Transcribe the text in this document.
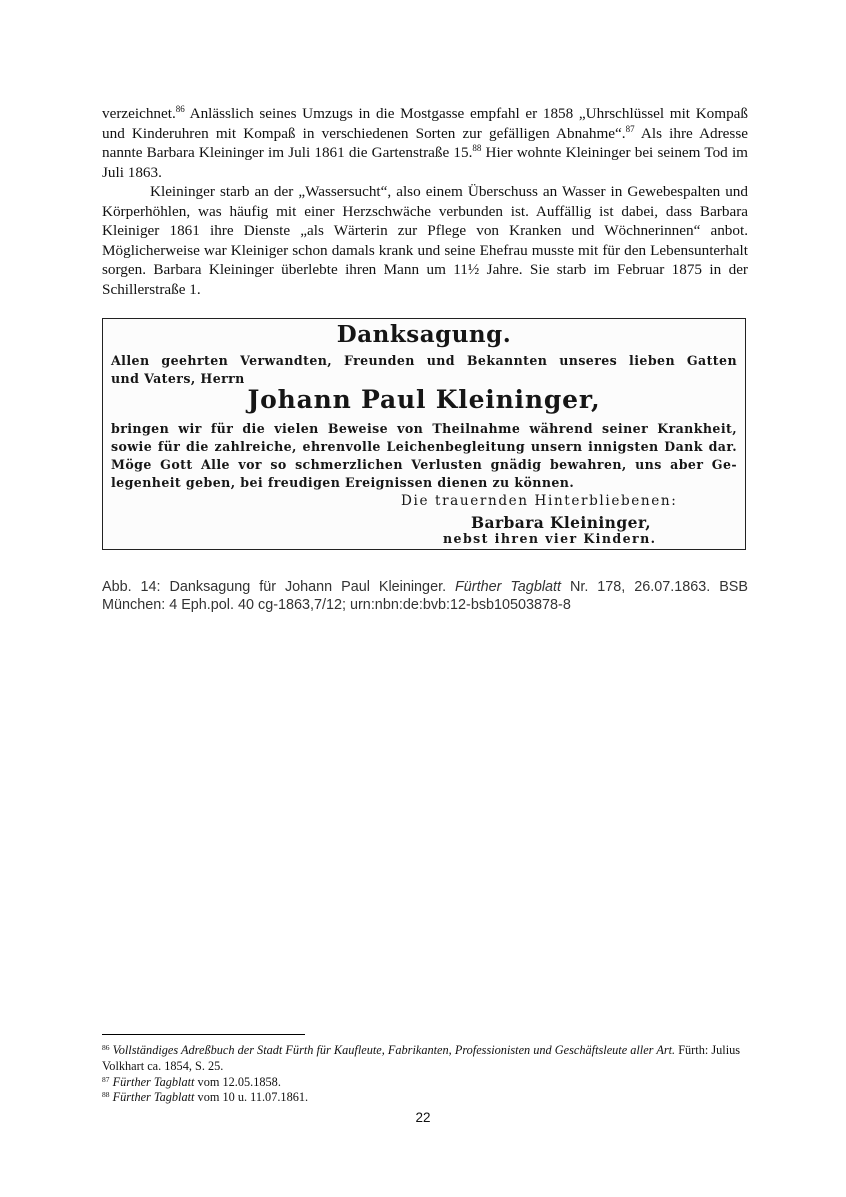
verzeichnet.$^{86}$ Anlässlich seines Umzugs in die Mostgasse empfahl er 1858 „Uhrschlüssel mit Kompaß und Kinderuhren mit Kompaß in verschiedenen Sorten zur gefälligen Abnahme“.$^{87}$ Als ihre Adresse nannte Barbara Kleininger im Juli 1861 die Gartenstraße 15.88 Hier wohnte Kleininger bei seinem Tod im Juli 1863.

Kleininger starb an der „Wassersucht“, also einem Überschuss an Wasser in Gewebespalten und Körperhöhlen, was häufig mit einer Herzschwäche verbunden ist. Auffällig ist dabei, dass Barbara Kleiniger 1861 ihre Dienste „als Wärterin zur Pflege von Kranken und Wöchnerinnen“ anbot. Möglicherweise war Kleiniger schon damals krank und seine Ehefrau musste mit für den Lebensunterhalt sorgen. Barbara Kleininger überlebte ihren Mann um 11½ Jahre. Sie starb im Februar 1875 in der Schillerstraße 1.

Danksagung.
Allen geehrten Verwandten, Freunden und Bekannten unseres lieben Gatten
und Vaters, Herrn
Johann Paul Kleininger,
bringen wir für die vielen Beweise von Theilnahme während seiner Krankheit,
sowie für die zahlreiche, ehrenvolle Leichenbegleitung unsern innigsten Dank dar.
Möge Gott Alle vor so schmerzlichen Verlusten gnädig bewahren, uns aber Ge-
legenheit geben, bei freudigen Ereignissen dienen zu können.
Die trauernden Hinterbliebenen:
Barbara Kleininger,
nebst ihren vier Kindern.
Abb. 14: Danksagung für Johann Paul Kleininger. Fürther Tagblatt Nr. 178, 26.07.1863. BSB München: 4 Eph.pol. 40 cg-1863,7/12; urn:nbn:de:bvb:12-bsb10503878-8
$^{86}$ Vollständiges Adreßbuch der Stadt Fürth für Kaufleute, Fabrikanten, Professionisten und Geschäftsleute aller Art. Fürth: Julius Volkhart ca. 1854, S. 25.
$^{87}$ Fürther Tagblatt vom 12.05.1858.
$^{88}$ Fürther Tagblatt vom 10 u. 11.07.1861.
22
